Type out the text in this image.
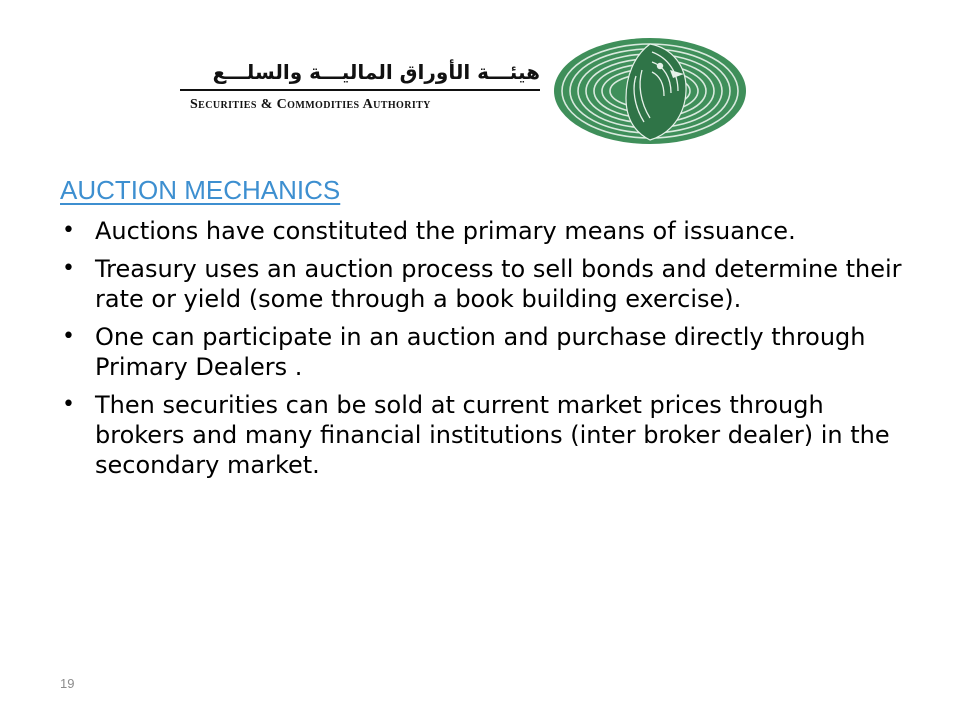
هيئـــة الأوراق الماليـــة والسلـــع
Securities & Commodities Authority
AUCTION MECHANICS
• Auctions have constituted the primary means of issuance.
• Treasury uses an auction process to sell bonds and determine their rate or yield (some through a book building exercise).
• One can participate in an auction and purchase directly through Primary Dealers .
• Then securities can be sold at current market prices through brokers and many financial institutions (inter broker dealer) in the secondary market.
19
